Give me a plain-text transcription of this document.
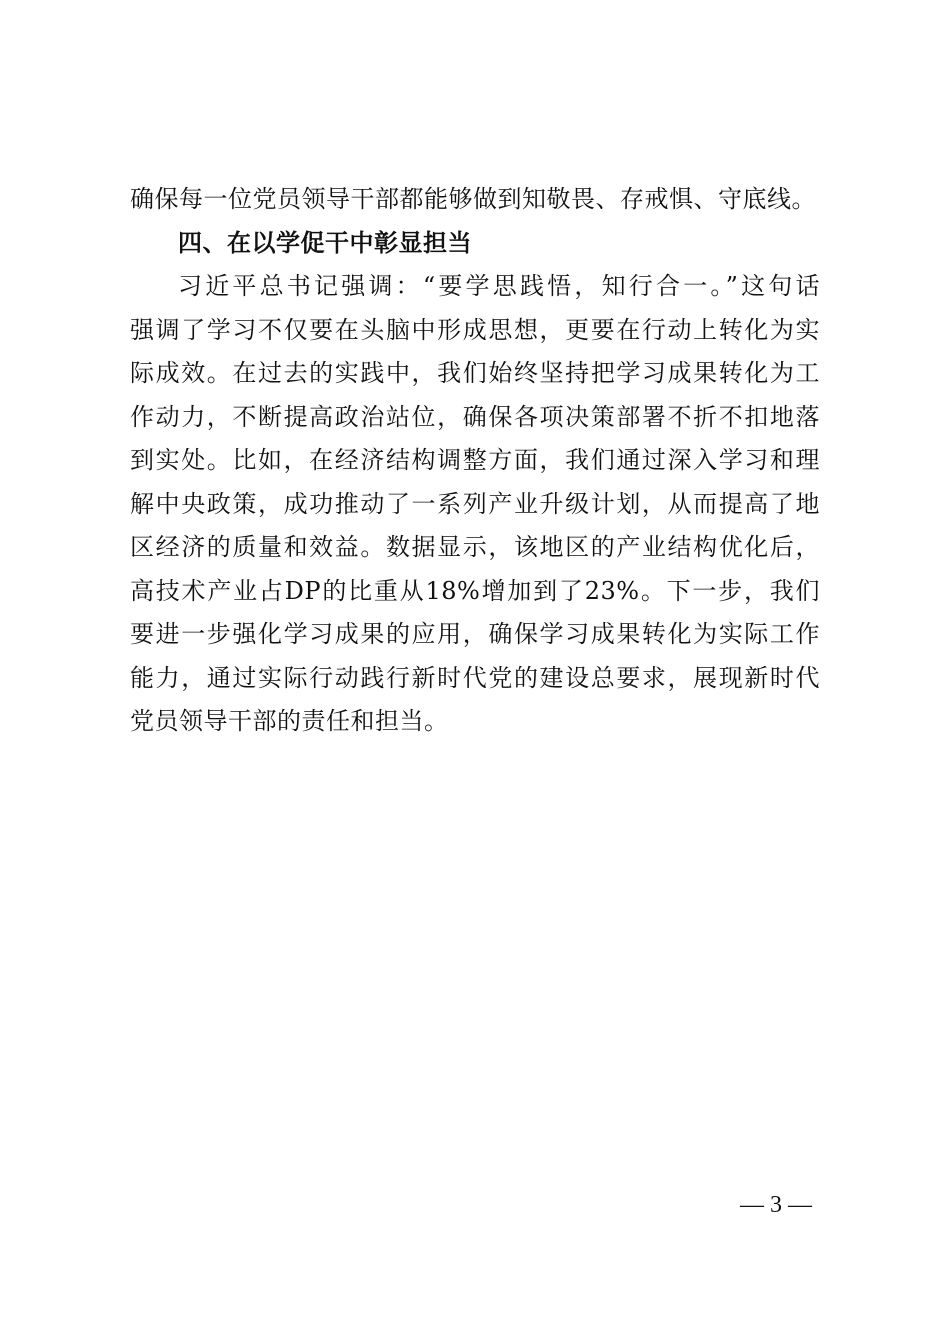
确保每一位党员领导干部都能够做到知敬畏、存戒惧、守底线。
四、在以学促干中彰显担当
习近平总书记强调：“要学思践悟，知行合一。”这句话
强调了学习不仅要在头脑中形成思想，更要在行动上转化为实
际成效。在过去的实践中，我们始终坚持把学习成果转化为工
作动力，不断提高政治站位，确保各项决策部署不折不扣地落
到实处。比如，在经济结构调整方面，我们通过深入学习和理
解中央政策，成功推动了一系列产业升级计划，从而提高了地
区经济的质量和效益。数据显示，该地区的产业结构优化后，
高技术产业占DP的比重从18%增加到了23%。下一步，我们
要进一步强化学习成果的应用，确保学习成果转化为实际工作
能力，通过实际行动践行新时代党的建设总要求，展现新时代
党员领导干部的责任和担当。
— 3 —
